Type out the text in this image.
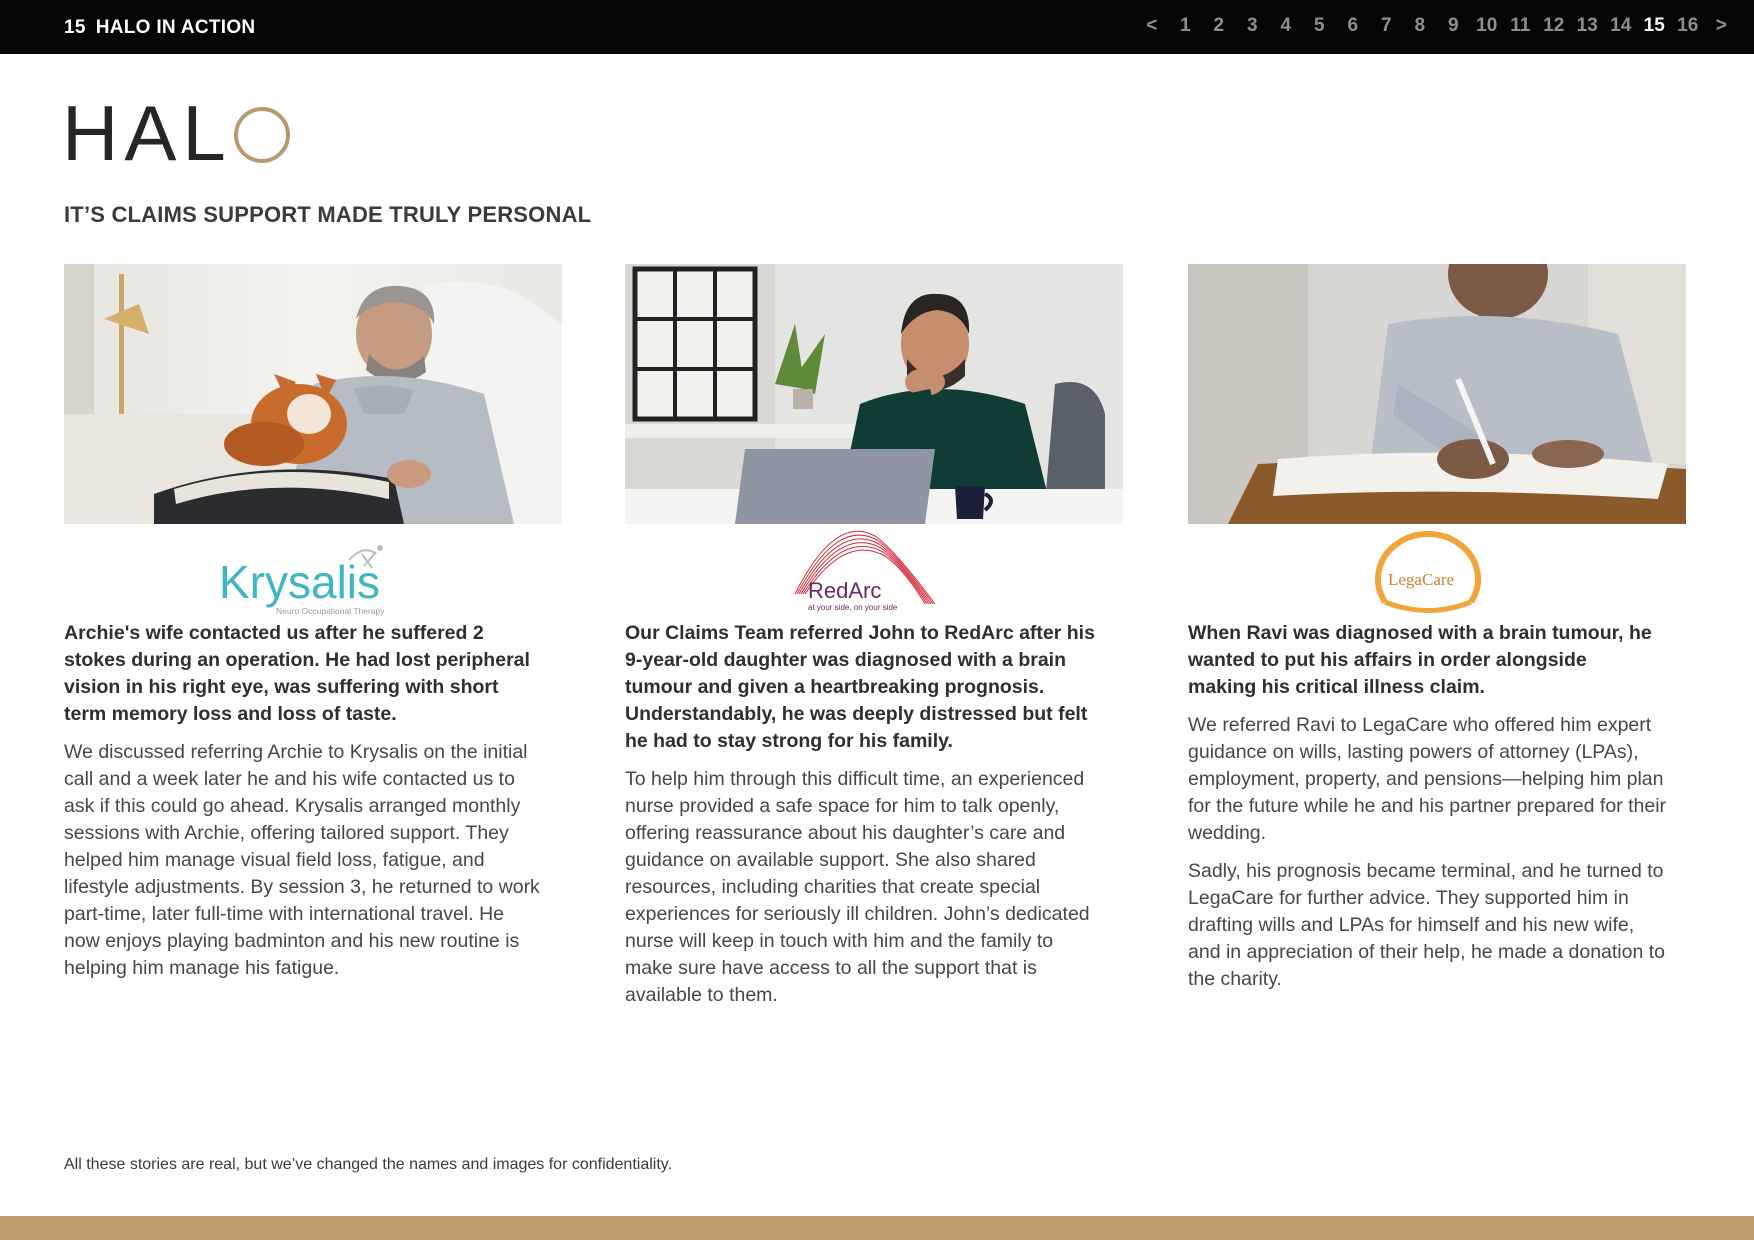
15 HALO IN ACTION	<	1	2	3	4	5	6	7	8	9 10 11 12 13 14 15 16 >
HAL
IT’S CLAIMS SUPPORT MADE TRULY PERSONAL
Krysalis
Neuro Occupational Therapy
Archie's wife contacted us after he suffered 2 stokes during an operation. He had lost peripheral vision in his right eye, was suffering with short term memory loss and loss of taste.
We discussed referring Archie to Krysalis on the initial call and a week later he and his wife contacted us to ask if this could go ahead. Krysalis arranged monthly sessions with Archie, offering tailored support. They helped him manage visual field loss, fatigue, and lifestyle adjustments. By session 3, he returned to work part-time, later full-time with international travel. He now enjoys playing badminton and his new routine is helping him manage his fatigue.
RedArc
at your side, on your side
Our Claims Team referred John to RedArc after his 9-year-old daughter was diagnosed with a brain tumour and given a heartbreaking prognosis. Understandably, he was deeply distressed but felt he had to stay strong for his family.
To help him through this difficult time, an experienced nurse provided a safe space for him to talk openly, offering reassurance about his daughter’s care and guidance on available support. She also shared resources, including charities that create special experiences for seriously ill children. John’s dedicated nurse will keep in touch with him and the family to make sure have access to all the support that is available to them.
LegaCare
When Ravi was diagnosed with a brain tumour, he wanted to put his affairs in order alongside making his critical illness claim.
We referred Ravi to LegaCare who offered him expert guidance on wills, lasting powers of attorney (LPAs), employment, property, and pensions—helping him plan for the future while he and his partner prepared for their wedding.
Sadly, his prognosis became terminal, and he turned to LegaCare for further advice. They supported him in drafting wills and LPAs for himself and his new wife, and in appreciation of their help, he made a donation to the charity.
All these stories are real, but we’ve changed the names and images for confidentiality.
